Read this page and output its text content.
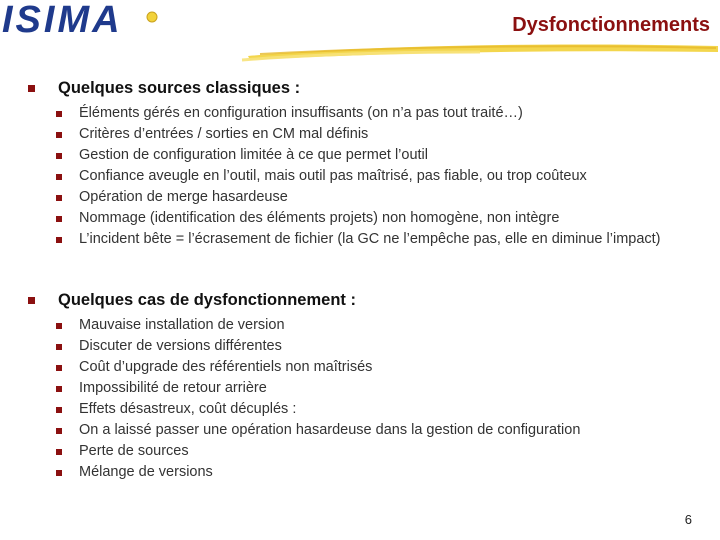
ISIMA	Dysfonctionnements
Quelques sources classiques :
Éléments gérés en configuration insuffisants (on n’a pas tout traité…)
Critères d’entrées / sorties en CM mal définis
Gestion de configuration limitée à ce que permet l’outil
Confiance aveugle en l’outil, mais outil pas maîtrisé, pas fiable, ou trop coûteux
Opération de merge hasardeuse
Nommage (identification des éléments projets) non homogène, non intègre
L’incident bête = l’écrasement de fichier (la GC ne l’empêche pas, elle en diminue l’impact)
Quelques cas de dysfonctionnement :
Mauvaise installation de version
Discuter de versions différentes
Coût d’upgrade des référentiels non maîtrisés
Impossibilité de retour arrière
Effets désastreux, coût décuplés :
On a laissé passer une opération hasardeuse dans la gestion de configuration
Perte de sources
Mélange de versions
6
